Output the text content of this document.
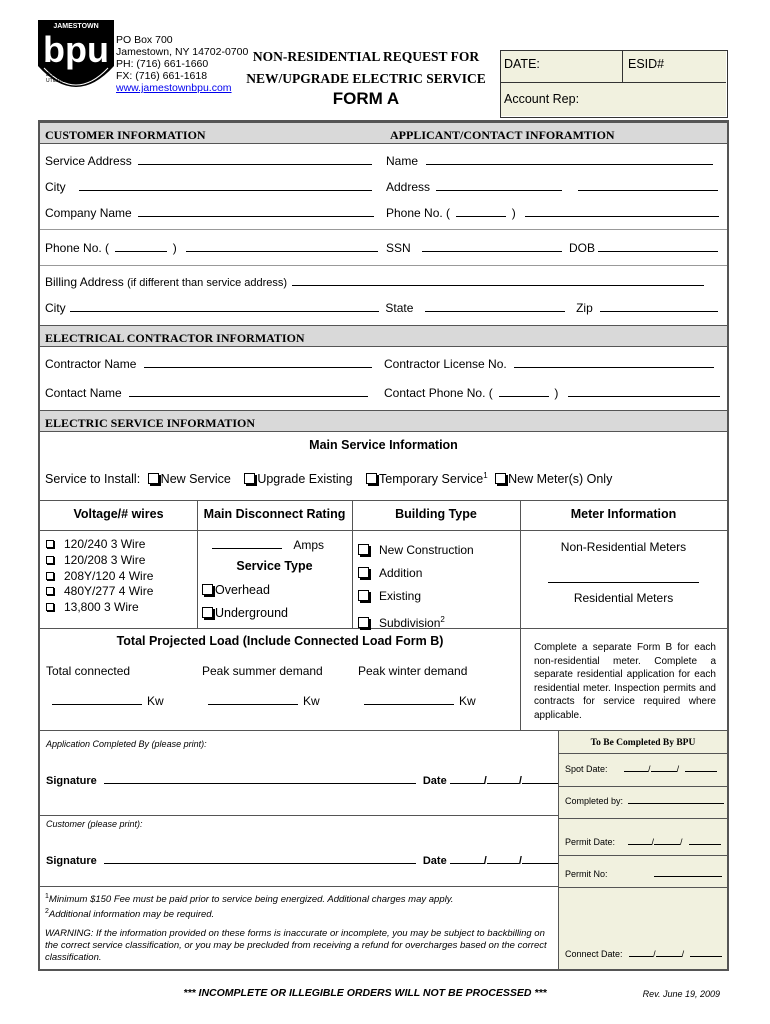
JAMESTOWN
bpu
BOARD OF PUBLIC UTILITIES
PO Box 700
Jamestown, NY 14702-0700
PH: (716) 661-1660
FX: (716) 661-1618
www.jamestownbpu.com
NON-RESIDENTIAL REQUEST FOR
NEW/UPGRADE ELECTRIC SERVICE
FORM A
DATE:	ESID#
Account Rep:
CUSTOMER INFORMATION	APPLICANT/CONTACT INFORAMTION
Service Address	Name
City	Address
Company Name	Phone No. (	)
Phone No. (	)	SSN	DOB
Billing Address (if different than service address)
City	State	Zip
ELECTRICAL CONTRACTOR INFORMATION
Contractor Name	Contractor License No.
Contact Name	Contact Phone No. (	)
ELECTRIC SERVICE INFORMATION
Main Service Information
Service to Install: New Service Upgrade Existing Temporary Service$^1$ New Meter(s) Only
Voltage/# wires	Main Disconnect Rating	Building Type	Meter Information
120/240 3 Wire
120/208 3 Wire
208Y/120 4 Wire
480Y/277 4 Wire
13,800 3 Wire
Amps
Service Type
Overhead
Underground
New Construction
Addition
Existing
Subdivision$^2$
Non-Residential Meters
Residential Meters
Total Projected Load (Include Connected Load Form B)
Total connected	Peak summer demand	Peak winter demand
Kw	Kw	Kw
Complete a separate Form B for each non-residential meter. Complete a separate residential application for each residential meter. Inspection permits and contracts for service required where applicable.
To Be Completed By BPU
Spot Date:	/	/
Completed by:
Permit Date:	/	/
Permit No:
Connect Date:	/	/
Application Completed By (please print):
Signature	Date	/	/
Customer (please print):
Signature	Date	/	/
$^1$Minimum $150 Fee must be paid prior to service being energized. Additional charges may apply.
$^2$Additional information may be required.
WARNING: If the information provided on these forms is inaccurate or incomplete, you may be subject to backbilling on the correct service classification, or you may be precluded from receiving a refund for overcharges based on the correct classification.
*** INCOMPLETE OR ILLEGIBLE ORDERS WILL NOT BE PROCESSED ***	Rev. June 19, 2009
